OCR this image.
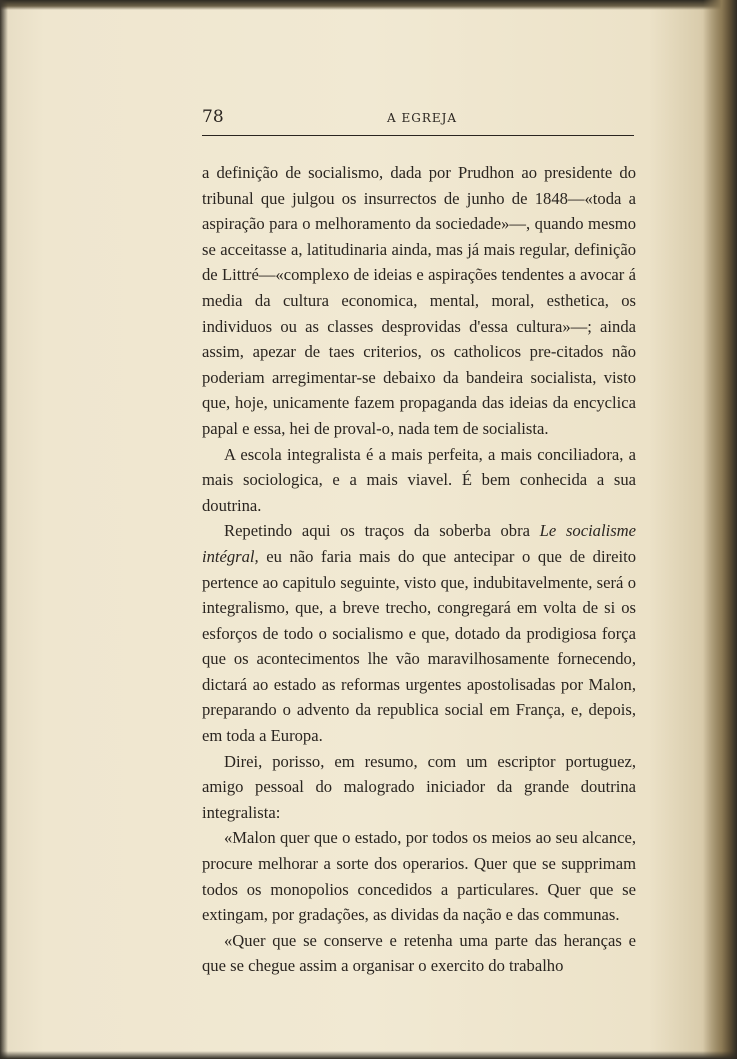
78	A EGREJA

a definição de socialismo, dada por Prudhon ao presidente do tribunal que julgou os insurrectos de junho de 1848—«toda a aspiração para o melhoramento da sociedade»—, quando mesmo se acceitasse a, latitudinaria ainda, mas já mais regular, definição de Littré—«complexo de ideias e aspirações tendentes a avocar á media da cultura economica, mental, moral, esthetica, os individuos ou as classes desprovidas d'essa cultura»—; ainda assim, apezar de taes criterios, os catholicos pre-citados não poderiam arregimentar-se debaixo da bandeira socialista, visto que, hoje, unicamente fazem propaganda das ideias da encyclica papal e essa, hei de proval-o, nada tem de socialista.

A escola integralista é a mais perfeita, a mais conciliadora, a mais sociologica, e a mais viavel. É bem conhecida a sua doutrina.

Repetindo aqui os traços da soberba obra Le socialisme intégral, eu não faria mais do que antecipar o que de direito pertence ao capitulo seguinte, visto que, indubitavelmente, será o integralismo, que, a breve trecho, congregará em volta de si os esforços de todo o socialismo e que, dotado da prodigiosa força que os acontecimentos lhe vão maravilhosamente fornecendo, dictará ao estado as reformas urgentes apostolisadas por Malon, preparando o advento da republica social em França, e, depois, em toda a Europa.

Direi, porisso, em resumo, com um escriptor portuguez, amigo pessoal do malogrado iniciador da grande doutrina integralista:

«Malon quer que o estado, por todos os meios ao seu alcance, procure melhorar a sorte dos operarios. Quer que se supprimam todos os monopolios concedidos a particulares. Quer que se extingam, por gradações, as dividas da nação e das communas.

«Quer que se conserve e retenha uma parte das heranças e que se chegue assim a organisar o exercito do trabalho
